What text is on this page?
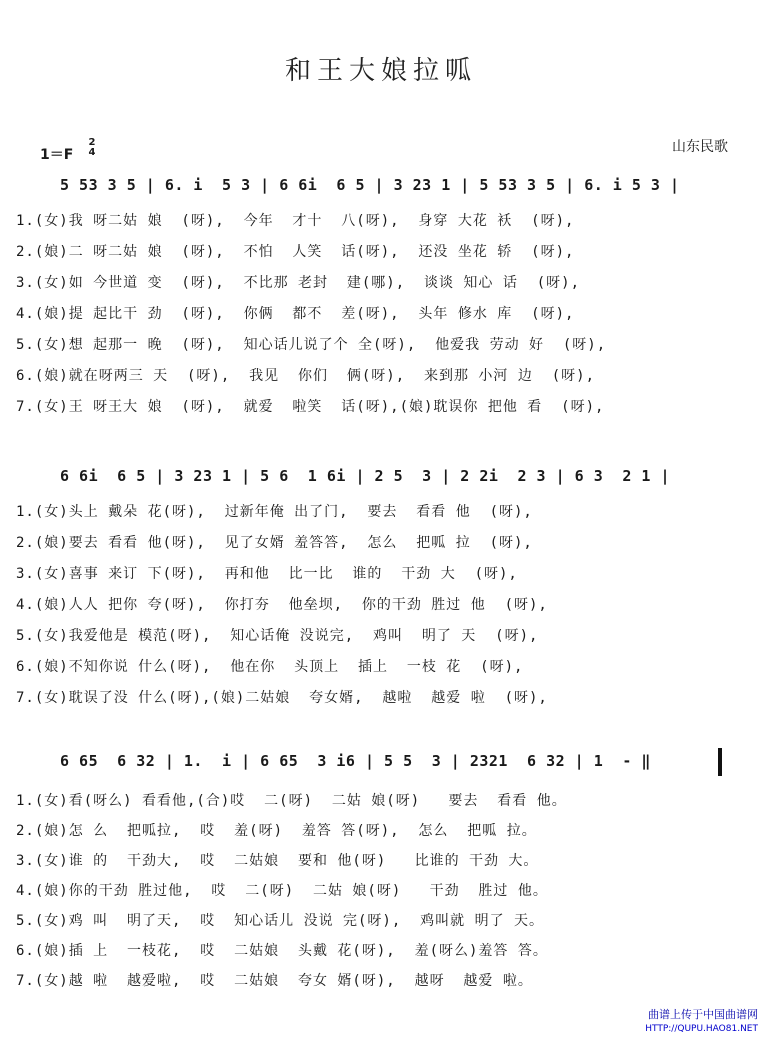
和王大娘拉呱
1＝F
2
4	山东民歌
5 53 3 5 | 6. i  5 3 | 6 6i  6 5 | 3 23 1 | 5 53 3 5 | 6. i 5 3 |
1.(女)我 呀二姑 娘  (呀),  今年  才十  八(呀),  身穿 大花 袄  (呀),
2.(娘)二 呀二姑 娘  (呀),  不怕  人笑  话(呀),  还没 坐花 轿  (呀),
3.(女)如 今世道 变  (呀),  不比那 老封  建(哪),  谈谈 知心 话  (呀),
4.(娘)提 起比干 劲  (呀),  你俩  都不  差(呀),  头年 修水 库  (呀),
5.(女)想 起那一 晚  (呀),  知心话儿说了个 全(呀),  他爱我 劳动 好  (呀),
6.(娘)就在呀两三 天  (呀),  我见  你们  俩(呀),  来到那 小河 边  (呀),
7.(女)王 呀王大 娘  (呀),  就爱  啦笑  话(呀),(娘)耽误你 把他 看  (呀),
6 6i  6 5 | 3 23 1 | 5 6  1 6i | 2 5  3 | 2 2i  2 3 | 6 3  2 1 |
1.(女)头上 戴朵 花(呀),  过新年俺 出了门,  要去  看看 他  (呀),
2.(娘)要去 看看 他(呀),  见了女婿 羞答答,  怎么  把呱 拉  (呀),
3.(女)喜事 来订 下(呀),  再和他  比一比  谁的  干劲 大  (呀),
4.(娘)人人 把你 夸(呀),  你打夯  他垒坝,  你的干劲 胜过 他  (呀),
5.(女)我爱他是 模范(呀),  知心话俺 没说完,  鸡叫  明了 天  (呀),
6.(娘)不知你说 什么(呀),  他在你  头顶上  插上  一枝 花  (呀),
7.(女)耽误了没 什么(呀),(娘)二姑娘  夸女婿,  越啦  越爱 啦  (呀),
6 65  6 32 | 1.  i | 6 65  3 i6 | 5 5  3 | 2321  6 32 | 1  - ‖
1.(女)看(呀么) 看看他,(合)哎  二(呀)  二姑 娘(呀)   要去  看看 他。
2.(娘)怎 么  把呱拉,  哎  羞(呀)  羞答 答(呀),  怎么  把呱 拉。
3.(女)谁 的  干劲大,  哎  二姑娘  要和 他(呀)   比谁的 干劲 大。
4.(娘)你的干劲 胜过他,  哎  二(呀)  二姑 娘(呀)   干劲  胜过 他。
5.(女)鸡 叫  明了天,  哎  知心话儿 没说 完(呀),  鸡叫就 明了 天。
6.(娘)插 上  一枝花,  哎  二姑娘  头戴 花(呀),  羞(呀么)羞答 答。
7.(女)越 啦  越爱啦,  哎  二姑娘  夸女 婿(呀),  越呀  越爱 啦。
曲谱上传于中国曲谱网
HTTP://QUPU.HAO81.NET
